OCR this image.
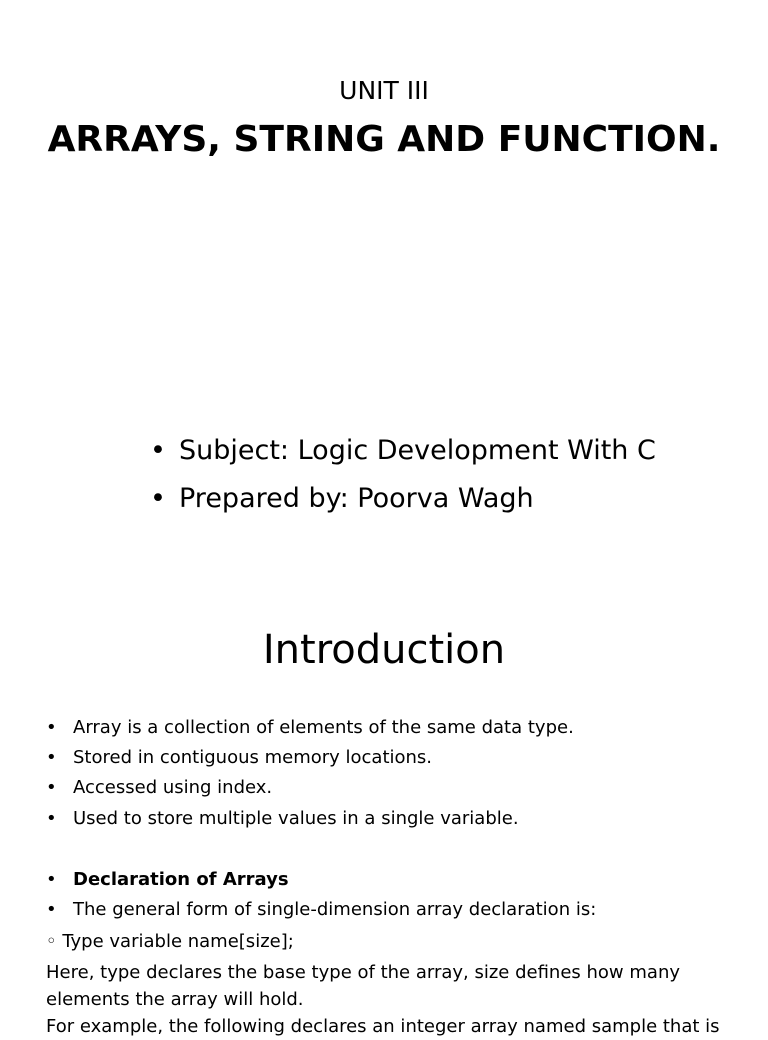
UNIT III
ARRAYS, STRING AND FUNCTION.
• Subject: Logic Development With C
• Prepared by: Poorva Wagh
Introduction
• Array is a collection of elements of the same data type.
• Stored in contiguous memory locations.
• Accessed using index.
• Used to store multiple values in a single variable.
• Declaration of Arrays
• The general form of single-dimension array declaration is:
◦ Type variable name[size];
Here, type declares the base type of the array, size defines how many elements the array will hold.
For example, the following declares an integer array named sample that is
